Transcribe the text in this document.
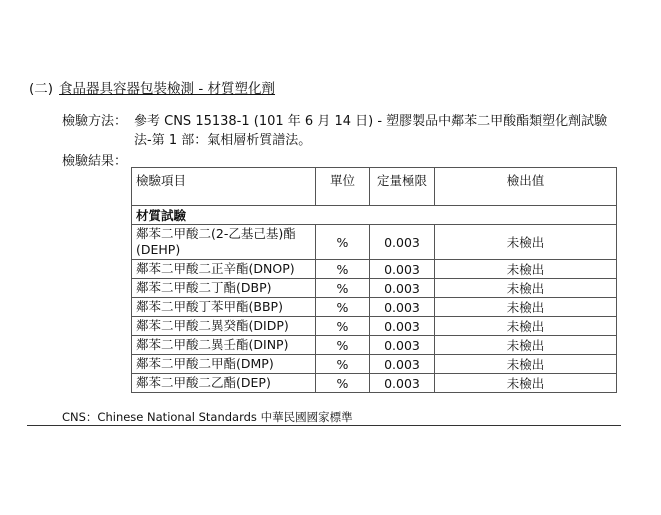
(二) 食品器具容器包裝檢測 - 材質塑化劑
檢驗方法： 參考 CNS 15138-1 (101 年 6 月 14 日) - 塑膠製品中鄰苯二甲酸酯類塑化劑試驗
法-第 1 部：氣相層析質譜法。
檢驗結果：
檢驗項目	單位	定量極限	檢出值
材質試驗			
鄰苯二甲酸二(2-乙基己基)酯(DEHP)	%	0.003	未檢出
鄰苯二甲酸二正辛酯(DNOP)	%	0.003	未檢出
鄰苯二甲酸二丁酯(DBP)	%	0.003	未檢出
鄰苯二甲酸丁苯甲酯(BBP)	%	0.003	未檢出
鄰苯二甲酸二異癸酯(DIDP)	%	0.003	未檢出
鄰苯二甲酸二異壬酯(DINP)	%	0.003	未檢出
鄰苯二甲酸二甲酯(DMP)	%	0.003	未檢出
鄰苯二甲酸二乙酯(DEP)	%	0.003	未檢出
CNS：Chinese National Standards 中華民國國家標準
